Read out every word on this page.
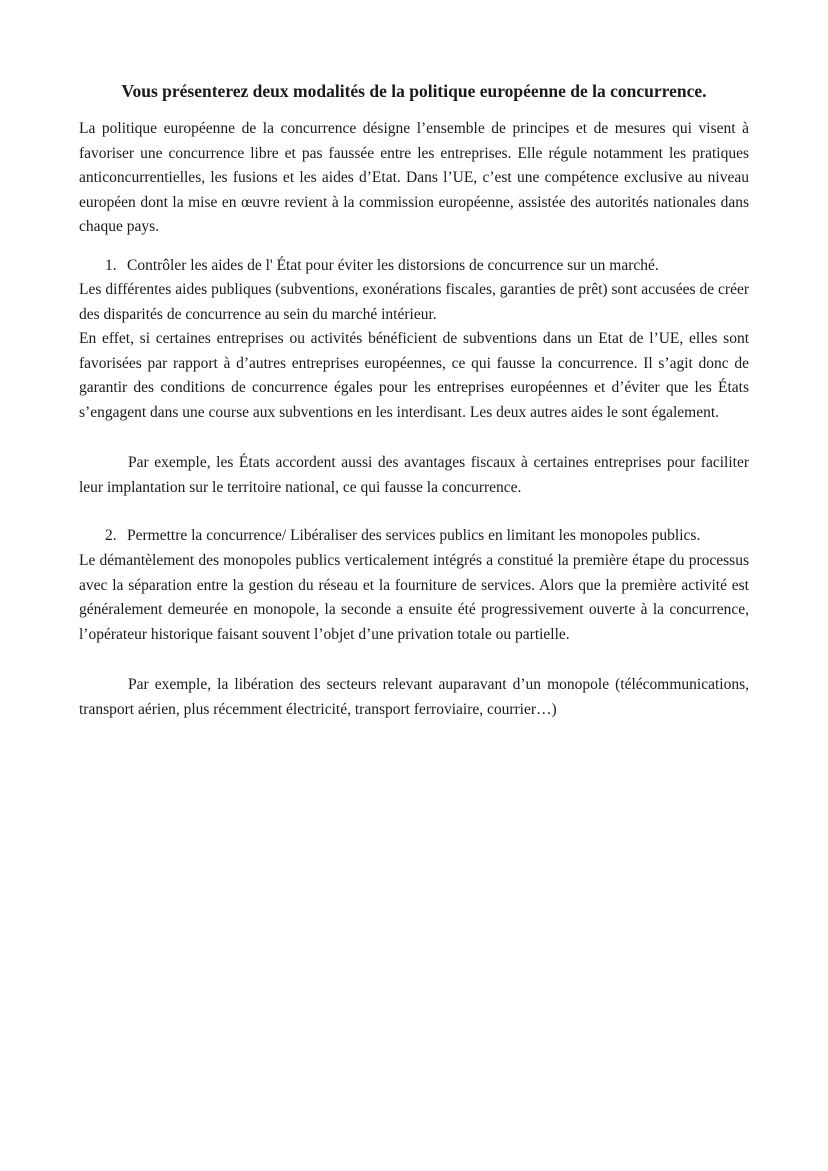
Vous présenterez deux modalités de la politique européenne de la concurrence.

La politique européenne de la concurrence désigne l’ensemble de principes et de mesures qui visent à favoriser une concurrence libre et pas faussée entre les entreprises. Elle régule notamment les pratiques anticoncurrentielles, les fusions et les aides d’Etat. Dans l’UE, c’est une compétence exclusive au niveau européen dont la mise en œuvre revient à la commission européenne, assistée des autorités nationales dans chaque pays.

1. Contrôler les aides de l' État pour éviter les distorsions de concurrence sur un marché.

Les différentes aides publiques (subventions, exonérations fiscales, garanties de prêt) sont accusées de créer des disparités de concurrence au sein du marché intérieur.

En effet, si certaines entreprises ou activités bénéficient de subventions dans un Etat de l’UE, elles sont favorisées par rapport à d’autres entreprises européennes, ce qui fausse la concurrence. Il s’agit donc de garantir des conditions de concurrence égales pour les entreprises européennes et d’éviter que les États s’engagent dans une course aux subventions en les interdisant. Les deux autres aides le sont également.

Par exemple, les États accordent aussi des avantages fiscaux à certaines entreprises pour faciliter leur implantation sur le territoire national, ce qui fausse la concurrence.

2. Permettre la concurrence/ Libéraliser des services publics en limitant les monopoles publics.

Le démantèlement des monopoles publics verticalement intégrés a constitué la première étape du processus avec la séparation entre la gestion du réseau et la fourniture de services. Alors que la première activité est généralement demeurée en monopole, la seconde a ensuite été progressivement ouverte à la concurrence, l’opérateur historique faisant souvent l’objet d’une privation totale ou partielle.

Par exemple, la libération des secteurs relevant auparavant d’un monopole (télécommunications, transport aérien, plus récemment électricité, transport ferroviaire, courrier…)
